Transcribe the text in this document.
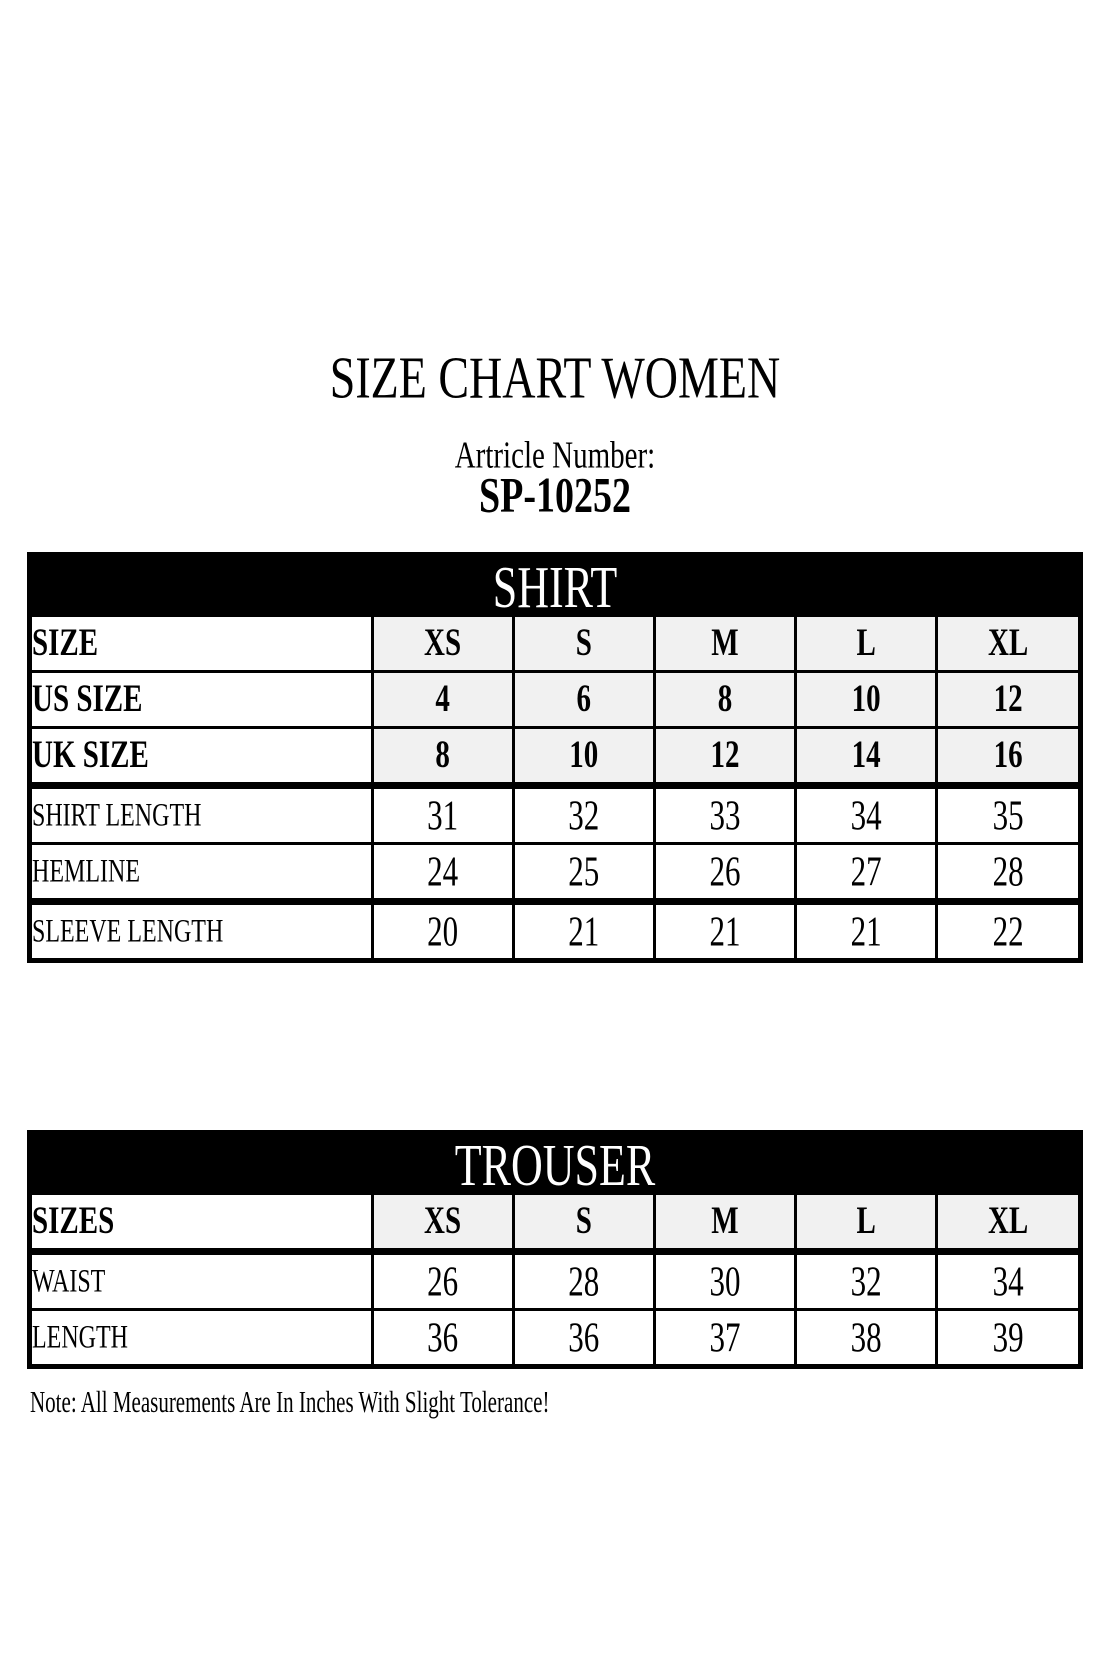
SIZE CHART WOMEN
Artricle Number:
SP-10252
SHIRT
SIZE	XS	S	M	L	XL
US SIZE	4	6	8	10	12
UK SIZE	8	10	12	14	16
SHIRT LENGTH	31	32	33	34	35
HEMLINE	24	25	26	27	28
SLEEVE LENGTH	20	21	21	21	22
TROUSER
SIZES	XS	S	M	L	XL
WAIST	26	28	30	32	34
LENGTH	36	36	37	38	39
Note: All Measurements Are In Inches With Slight Tolerance!
